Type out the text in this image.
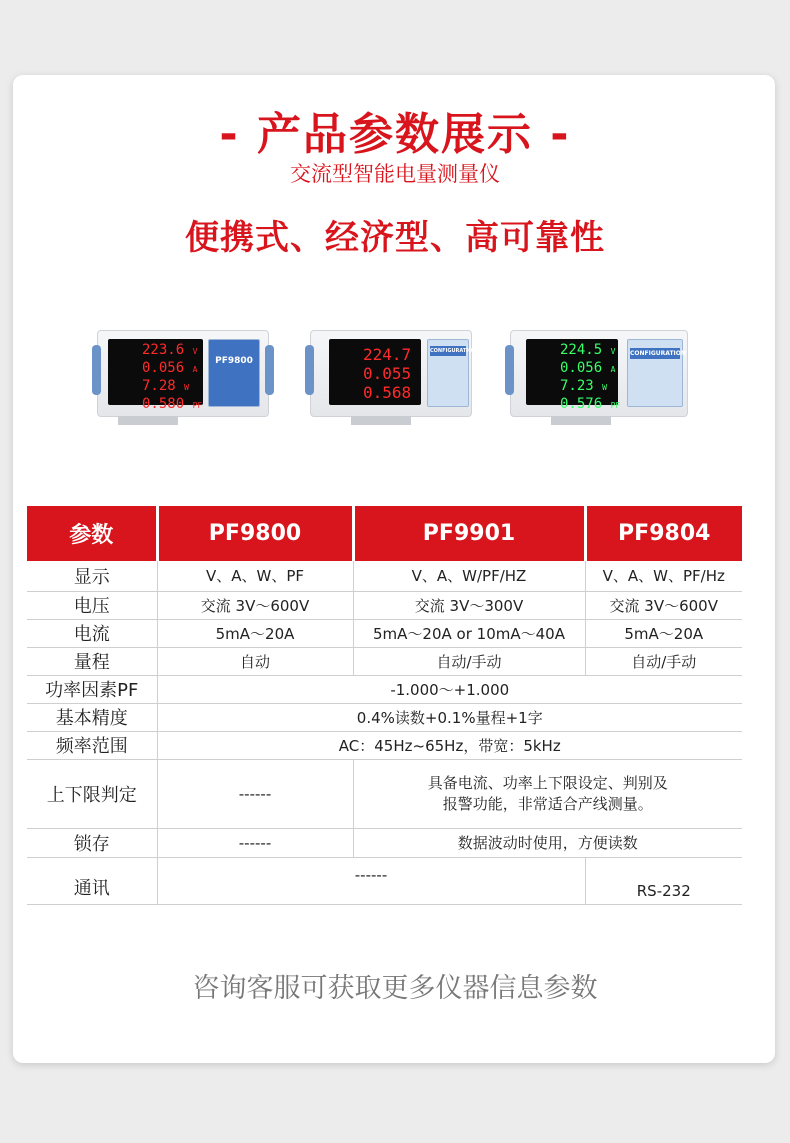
- 产品参数展示 -
交流型智能电量测量仪
便携式、经济型、高可靠性
223.6 V
0.056 A
7.28 W
0.580 PF
PF9800	224.7
0.055
0.568
CONFIGURATION	224.5 V
0.056 A
7.23 W
0.576 PF
CONFIGURATION
参数	PF9800	PF9901	PF9804
显示	V、A、W、PF	V、A、W/PF/HZ	V、A、W、PF/Hz
电压	交流 3V～600V	交流 3V～300V	交流 3V～600V
电流	5mA～20A	5mA～20A or 10mA～40A	5mA～20A
量程	自动	自动/手动	自动/手动
功率因素PF	-1.000～+1.000		
基本精度	0.4%读数+0.1%量程+1字		
频率范围	AC：45Hz~65Hz，带宽：5kHz		
上下限判定	------	具备电流、功率上下限设定、判别及报警功能，非常适合产线测量。	

锁存	------	数据波动时使用，方便读数	
通讯	------		RS-232
咨询客服可获取更多仪器信息参数
